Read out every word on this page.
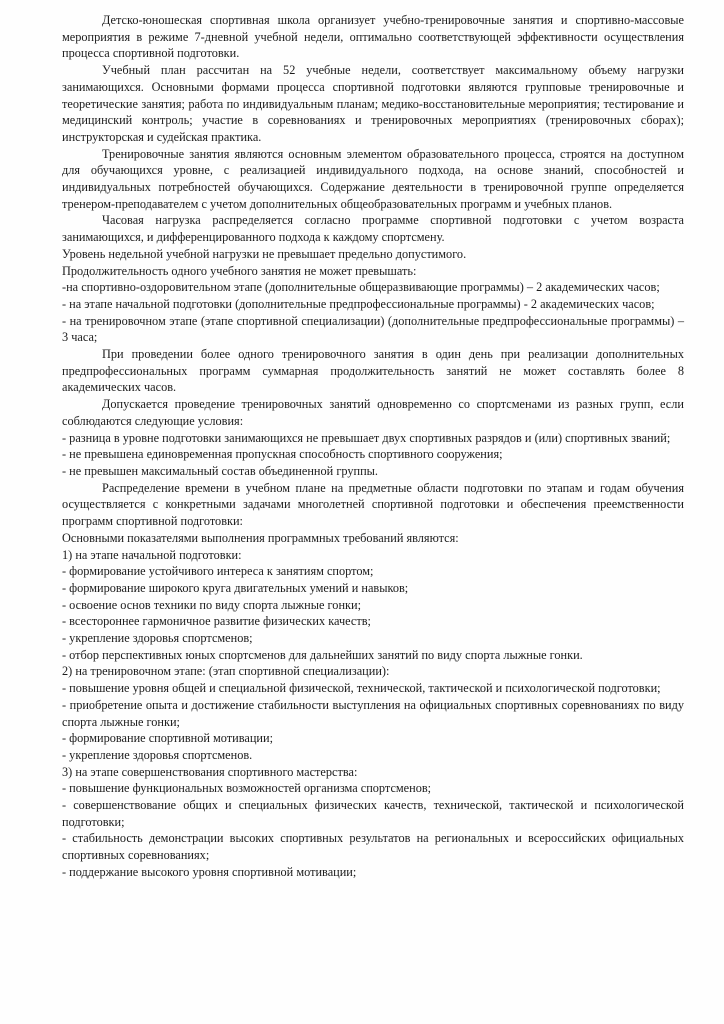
Детско-юношеская спортивная школа организует учебно-тренировочные занятия и спортивно-массовые мероприятия в режиме 7-дневной учебной недели, оптимально соответствующей эффективности осуществления процесса спортивной подготовки.

Учебный план рассчитан на 52 учебные недели, соответствует максимальному объему нагрузки занимающихся. Основными формами процесса спортивной подготовки являются групповые тренировочные и теоретические занятия; работа по индивидуальным планам; медико-восстановительные мероприятия; тестирование и медицинский контроль; участие в соревнованиях и тренировочных мероприятиях (тренировочных сборах); инструкторская и судейская практика.

Тренировочные занятия являются основным элементом образовательного процесса, строятся на доступном для обучающихся уровне, с реализацией индивидуального подхода, на основе знаний, способностей и индивидуальных потребностей обучающихся. Содержание деятельности в тренировочной группе определяется тренером-преподавателем с учетом дополнительных общеобразовательных программ и учебных планов.

Часовая нагрузка распределяется согласно программе спортивной подготовки с учетом возраста занимающихся, и дифференцированного подхода к каждому спортсмену.

Уровень недельной учебной нагрузки не превышает предельно допустимого.

Продолжительность одного учебного занятия не может превышать:

-на спортивно-оздоровительном этапе (дополнительные общеразвивающие программы) – 2 академических часов;

- на этапе начальной подготовки (дополнительные предпрофессиональные программы) - 2 академических часов;

- на тренировочном этапе (этапе спортивной специализации) (дополнительные предпрофессиональные программы) – 3 часа;

При проведении более одного тренировочного занятия в один день при реализации дополнительных предпрофессиональных программ суммарная продолжительность занятий не может составлять более 8 академических часов.

Допускается проведение тренировочных занятий одновременно со спортсменами из разных групп, если соблюдаются следующие условия:

- разница в уровне подготовки занимающихся не превышает двух спортивных разрядов и (или) спортивных званий;

- не превышена единовременная пропускная способность спортивного сооружения;

- не превышен максимальный состав объединенной группы.

Распределение времени в учебном плане на предметные области подготовки по этапам и годам обучения осуществляется с конкретными задачами многолетней спортивной подготовки и обеспечения преемственности программ спортивной подготовки:

Основными показателями выполнения программных требований являются:

1) на этапе начальной подготовки:

- формирование устойчивого интереса к занятиям спортом;

- формирование широкого круга двигательных умений и навыков;

- освоение основ техники по виду спорта лыжные гонки;

- всестороннее гармоничное развитие физических качеств;

- укрепление здоровья спортсменов;

- отбор перспективных юных спортсменов для дальнейших занятий по виду спорта лыжные гонки.

2) на тренировочном этапе: (этап спортивной специализации):

- повышение уровня общей и специальной физической, технической, тактической и психологической подготовки;

- приобретение опыта и достижение стабильности выступления на официальных спортивных соревнованиях по виду спорта лыжные гонки;

- формирование спортивной мотивации;

- укрепление здоровья спортсменов.

3) на этапе совершенствования спортивного мастерства:

- повышение функциональных возможностей организма спортсменов;

- совершенствование общих и специальных физических качеств, технической, тактической и психологической подготовки;

- стабильность демонстрации высоких спортивных результатов на региональных и всероссийских официальных спортивных соревнованиях;

- поддержание высокого уровня спортивной мотивации;
